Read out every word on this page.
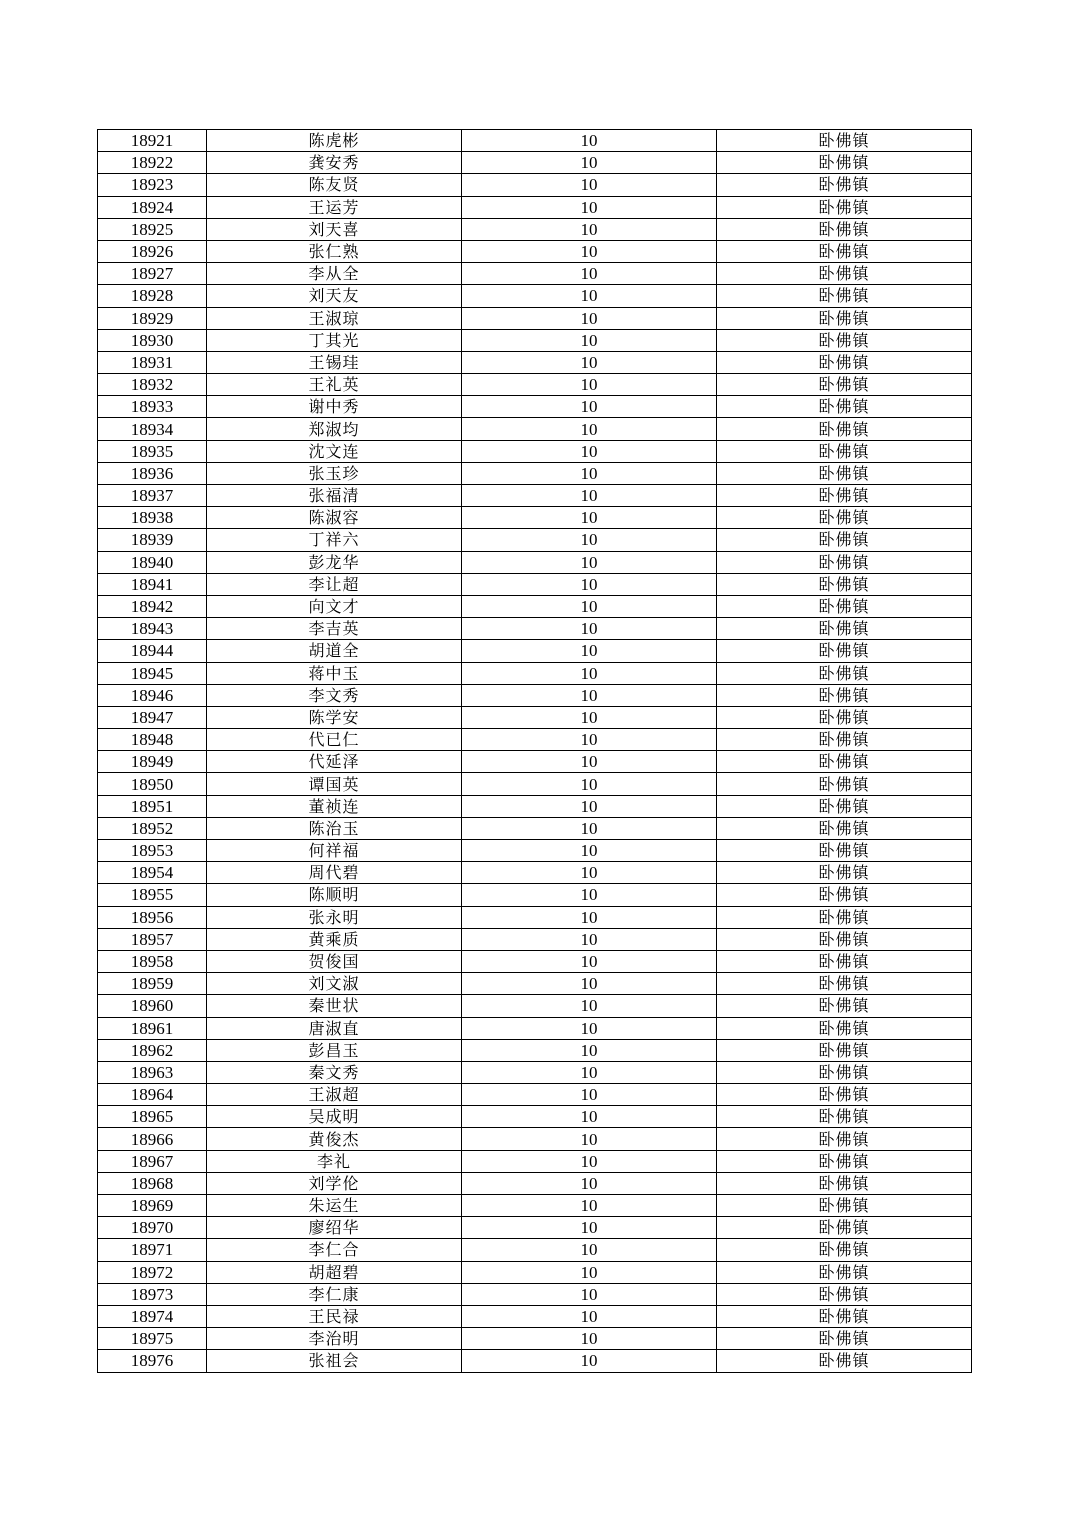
18921	陈虎彬	10	卧佛镇
18922	龚安秀	10	卧佛镇
18923	陈友贤	10	卧佛镇
18924	王运芳	10	卧佛镇
18925	刘天喜	10	卧佛镇
18926	张仁熟	10	卧佛镇
18927	李从全	10	卧佛镇
18928	刘天友	10	卧佛镇
18929	王淑琼	10	卧佛镇
18930	丁其光	10	卧佛镇
18931	王锡珪	10	卧佛镇
18932	王礼英	10	卧佛镇
18933	谢中秀	10	卧佛镇
18934	郑淑均	10	卧佛镇
18935	沈文连	10	卧佛镇
18936	张玉珍	10	卧佛镇
18937	张福清	10	卧佛镇
18938	陈淑容	10	卧佛镇
18939	丁祥六	10	卧佛镇
18940	彭龙华	10	卧佛镇
18941	李让超	10	卧佛镇
18942	向文才	10	卧佛镇
18943	李吉英	10	卧佛镇
18944	胡道全	10	卧佛镇
18945	蒋中玉	10	卧佛镇
18946	李文秀	10	卧佛镇
18947	陈学安	10	卧佛镇
18948	代已仁	10	卧佛镇
18949	代延泽	10	卧佛镇
18950	谭国英	10	卧佛镇
18951	董祯连	10	卧佛镇
18952	陈治玉	10	卧佛镇
18953	何祥福	10	卧佛镇
18954	周代碧	10	卧佛镇
18955	陈顺明	10	卧佛镇
18956	张永明	10	卧佛镇
18957	黄乘质	10	卧佛镇
18958	贺俊国	10	卧佛镇
18959	刘文淑	10	卧佛镇
18960	秦世状	10	卧佛镇
18961	唐淑直	10	卧佛镇
18962	彭昌玉	10	卧佛镇
18963	秦文秀	10	卧佛镇
18964	王淑超	10	卧佛镇
18965	吴成明	10	卧佛镇
18966	黄俊杰	10	卧佛镇
18967	李礼	10	卧佛镇
18968	刘学伦	10	卧佛镇
18969	朱运生	10	卧佛镇
18970	廖绍华	10	卧佛镇
18971	李仁合	10	卧佛镇
18972	胡超碧	10	卧佛镇
18973	李仁康	10	卧佛镇
18974	王民禄	10	卧佛镇
18975	李治明	10	卧佛镇
18976	张祖会	10	卧佛镇
